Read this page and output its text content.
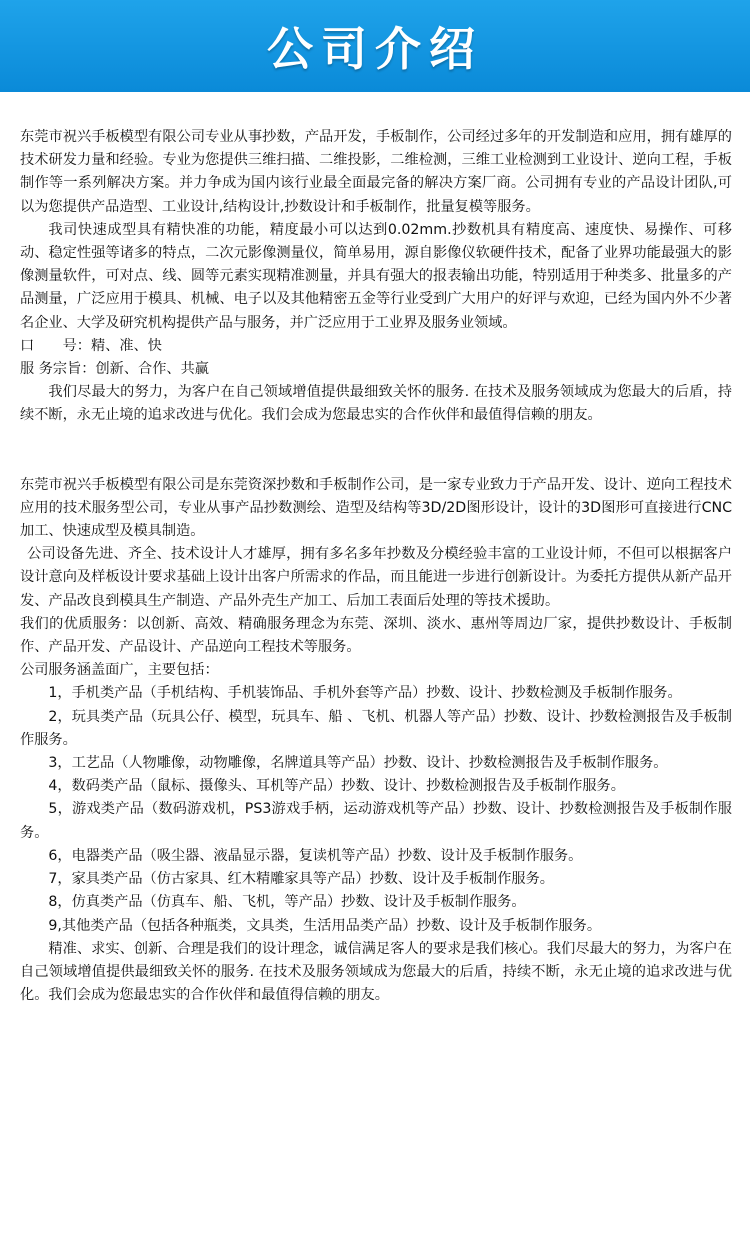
公司介绍

东莞市祝兴手板模型有限公司专业从事抄数，产品开发，手板制作，公司经过多年的开发制造和应用，拥有雄厚的技术研发力量和经验。专业为您提供三维扫描、二维投影，二维检测，三维工业检测到工业设计、逆向工程，手板制作等一系列解决方案。并力争成为国内该行业最全面最完备的解决方案厂商。公司拥有专业的产品设计团队,可以为您提供产品造型、工业设计,结构设计,抄数设计和手板制作，批量复模等服务。

我司快速成型具有精快准的功能，精度最小可以达到0.02mm.抄数机具有精度高、速度快、易操作、可移动、稳定性强等诸多的特点，二次元影像测量仪，简单易用，源自影像仪软硬件技术，配备了业界功能最强大的影像测量软件，可对点、线、圆等元素实现精准测量，并具有强大的报表输出功能，特别适用于种类多、批量多的产品测量，广泛应用于模具、机械、电子以及其他精密五金等行业受到广大用户的好评与欢迎，已经为国内外不少著名企业、大学及研究机构提供产品与服务，并广泛应用于工业界及服务业领域。

口　　号：精、准、快

服 务宗旨：创新、合作、共赢

我们尽最大的努力，为客户在自己领域增值提供最细致关怀的服务. 在技术及服务领域成为您最大的后盾，持续不断，永无止境的追求改进与优化。我们会成为您最忠实的合作伙伴和最值得信赖的朋友。

东莞市祝兴手板模型有限公司是东莞资深抄数和手板制作公司，是一家专业致力于产品开发、设计、逆向工程技术应用的技术服务型公司，专业从事产品抄数测绘、造型及结构等3D/2D图形设计，设计的3D图形可直接进行CNC加工、快速成型及模具制造。

公司设备先进、齐全、技术设计人才雄厚，拥有多名多年抄数及分模经验丰富的工业设计师，不但可以根据客户设计意向及样板设计要求基础上设计出客户所需求的作品，而且能进一步进行创新设计。为委托方提供从新产品开发、产品改良到模具生产制造、产品外壳生产加工、后加工表面后处理的等技术援助。

我们的优质服务：以创新、高效、精确服务理念为东莞、深圳、淡水、惠州等周边厂家，提供抄数设计、手板制作、产品开发、产品设计、产品逆向工程技术等服务。

公司服务涵盖面广，主要包括：

1，手机类产品（手机结构、手机装饰品、手机外套等产品）抄数、设计、抄数检测及手板制作服务。
2，玩具类产品（玩具公仔、模型，玩具车、船 、飞机、机器人等产品）抄数、设计、抄数检测报告及手板制作服务。
3，工艺品（人物雕像，动物雕像，名牌道具等产品）抄数、设计、抄数检测报告及手板制作服务。
4，数码类产品（鼠标、摄像头、耳机等产品）抄数、设计、抄数检测报告及手板制作服务。
5，游戏类产品（数码游戏机，PS3游戏手柄，运动游戏机等产品）抄数、设计、抄数检测报告及手板制作服务。
6，电器类产品（吸尘器、液晶显示器，复读机等产品）抄数、设计及手板制作服务。
7，家具类产品（仿古家具、红木精雕家具等产品）抄数、设计及手板制作服务。
8，仿真类产品（仿真车、船、飞机，等产品）抄数、设计及手板制作服务。
9,其他类产品（包括各种瓶类，文具类，生活用品类产品）抄数、设计及手板制作服务。

精准、求实、创新、合理是我们的设计理念，诚信满足客人的要求是我们核心。我们尽最大的努力，为客户在自己领域增值提供最细致关怀的服务. 在技术及服务领域成为您最大的后盾，持续不断，永无止境的追求改进与优化。我们会成为您最忠实的合作伙伴和最值得信赖的朋友。
